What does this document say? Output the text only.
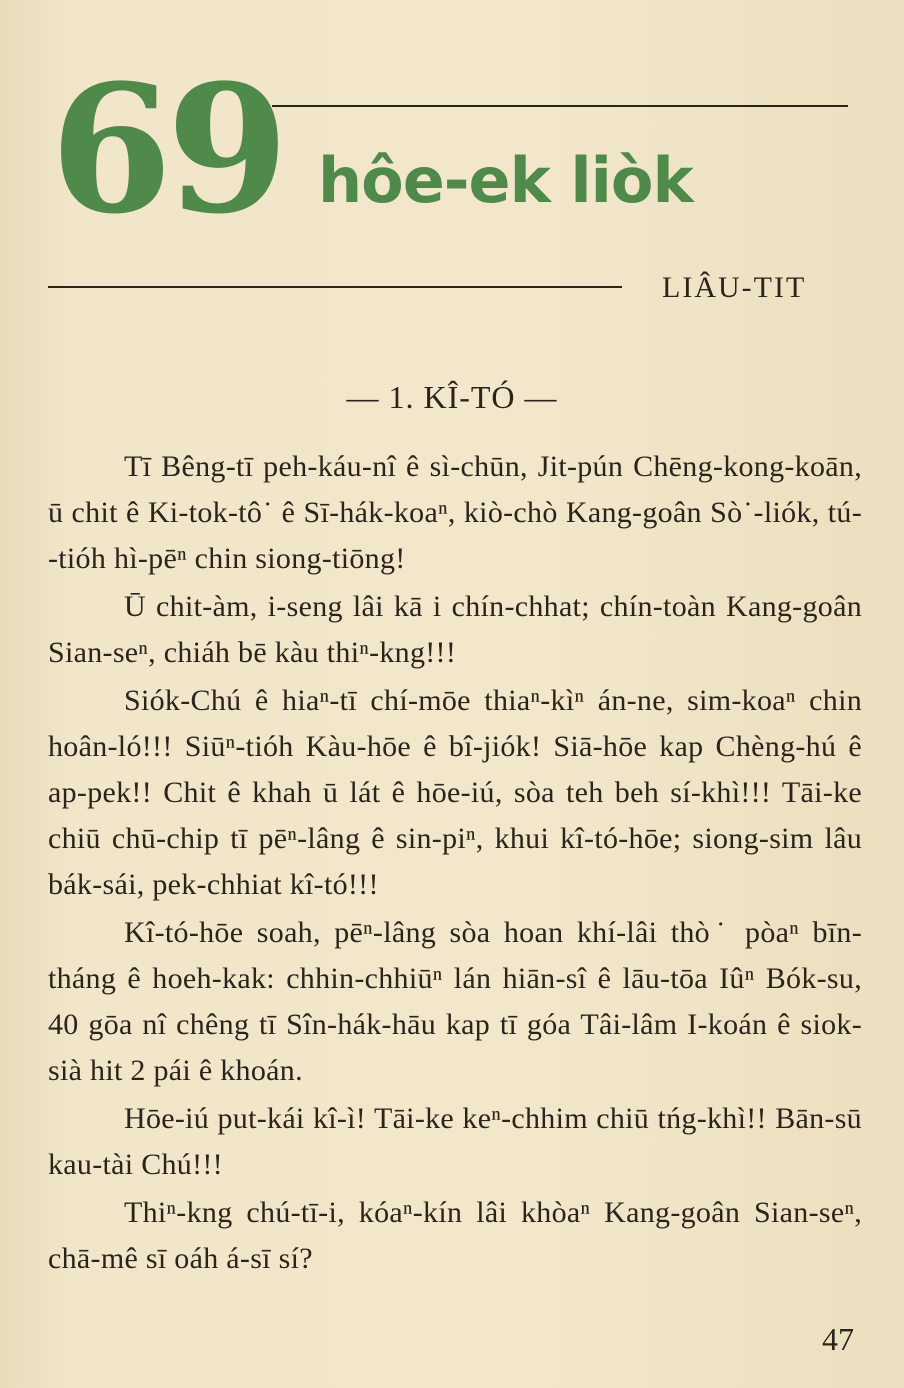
69 hôe-ek liòk
LIÂU-TIT
— 1. KÎ-TÓ —

Tī Bêng-tī peh-káu-nî ê sì-chūn, Jit-pún Chēng-kong-koān, ū chit ê Ki-tok-tô˙ ê Sī-hák-koaⁿ, kiò-chò Kang-goân Sò˙-liók, tú--tióh hì-pēⁿ chin siong-tiōng!

Ū chit-àm, i-seng lâi kā i chín-chhat; chín-toàn Kang-goân Sian-seⁿ, chiáh bē kàu thiⁿ-kng!!!

Siók-Chú ê hiaⁿ-tī chí-mōe thiaⁿ-kìⁿ án-ne, sim-koaⁿ chin hoân-ló!!! Siūⁿ-tióh Kàu-hōe ê bî-jiók! Siā-hōe kap Chèng-hú ê ap-pek!! Chit ê khah ū lát ê hōe-iú, sòa teh beh sí-khì!!! Tāi-ke chiū chū-chip tī pēⁿ-lâng ê sin-piⁿ, khui kî-tó-hōe; siong-sim lâu bák-sái, pek-chhiat kî-tó!!!

Kî-tó-hōe soah, pēⁿ-lâng sòa hoan khí-lâi thò˙ pòaⁿ bīn-tháng ê hoeh-kak: chhin-chhiūⁿ lán hiān-sî ê lāu-tōa Iûⁿ Bók-su, 40 gōa nî chêng tī Sîn-hák-hāu kap tī góa Tâi-lâm I-koán ê siok-sià hit 2 pái ê khoán.

Hōe-iú put-kái kî-ì! Tāi-ke keⁿ-chhim chiū tńg-khì!! Bān-sū kau-tài Chú!!!

Thiⁿ-kng chú-tī-i, kóaⁿ-kín lâi khòaⁿ Kang-goân Sian-seⁿ, chā-mê sī oáh á-sī sí?

47
